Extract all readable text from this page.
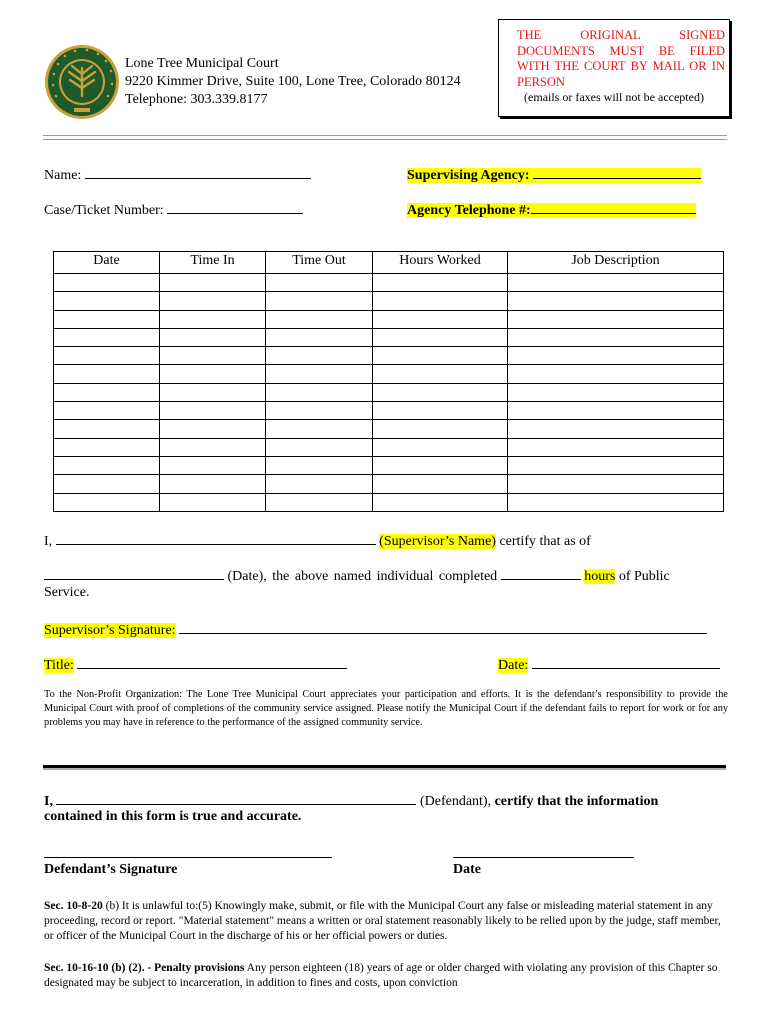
Lone Tree Municipal Court
9220 Kimmer Drive, Suite 100, Lone Tree, Colorado 80124
Telephone: 303.339.8177
THE ORIGINAL SIGNED DOCUMENTS MUST BE FILED WITH THE COURT BY MAIL OR IN PERSON
(emails or faxes will not be accepted)
Name:	Supervising Agency:
Case/Ticket Number:	Agency Telephone #:
Date	Time In	Time Out	Hours Worked	Job Description

I,	(Supervisor’s Name) certify that as of
(Date), the above named individual completed	hours of Public
Service.
Supervisor’s Signature:
Title:	Date:
To the Non-Profit Organization: The Lone Tree Municipal Court appreciates your participation and efforts. It is the defendant’s responsibility to provide the Municipal Court with proof of completions of the community service assigned. Please notify the Municipal Court if the defendant fails to report for work or for any problems you may have in reference to the performance of the assigned community service.
I,	(Defendant), certify that the information
contained in this form is true and accurate.
Defendant’s Signature	Date
Sec. 10-8-20 (b) It is unlawful to:(5) Knowingly make, submit, or file with the Municipal Court any false or misleading material statement in any proceeding, record or report. "Material statement" means a written or oral statement reasonably likely to be relied upon by the judge, staff member, or officer of the Municipal Court in the discharge of his or her official powers or duties.
Sec. 10-16-10 (b) (2). - Penalty provisions Any person eighteen (18) years of age or older charged with violating any provision of this Chapter so designated may be subject to incarceration, in addition to fines and costs, upon conviction
